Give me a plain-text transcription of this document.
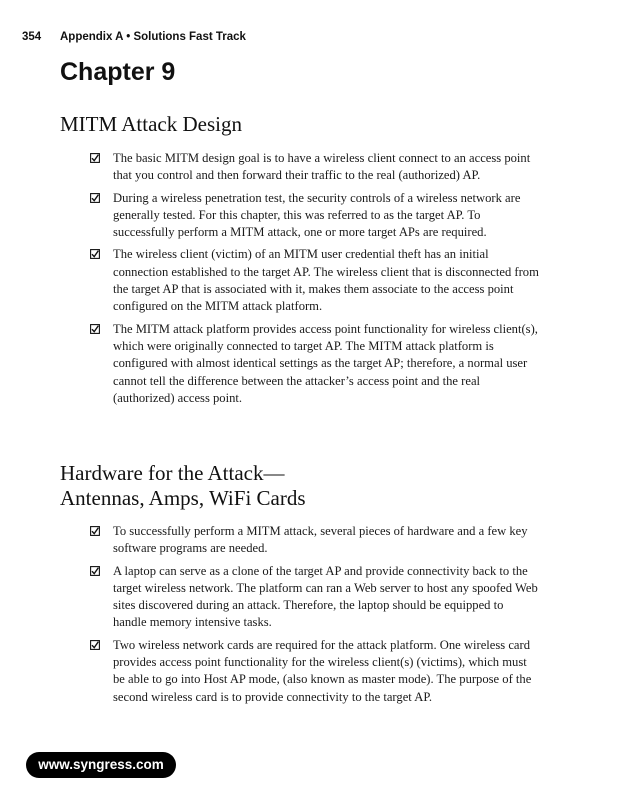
354 Appendix A • Solutions Fast Track
Chapter 9
MITM Attack Design
The basic MITM design goal is to have a wireless client connect to an access point that you control and then forward their traffic to the real (authorized) AP.
During a wireless penetration test, the security controls of a wireless network are generally tested. For this chapter, this was referred to as the target AP. To successfully perform a MITM attack, one or more target APs are required.
The wireless client (victim) of an MITM user credential theft has an initial connection established to the target AP. The wireless client that is disconnected from the target AP that is associated with it, makes them associate to the access point configured on the MITM attack platform.
The MITM attack platform provides access point functionality for wireless client(s), which were originally connected to target AP. The MITM attack platform is configured with almost identical settings as the target AP; therefore, a normal user cannot tell the difference between the attacker’s access point and the real (authorized) access point.
Hardware for the Attack—
Antennas, Amps, WiFi Cards
To successfully perform a MITM attack, several pieces of hardware and a few key software programs are needed.
A laptop can serve as a clone of the target AP and provide connectivity back to the target wireless network. The platform can ran a Web server to host any spoofed Web sites discovered during an attack. Therefore, the laptop should be equipped to handle memory intensive tasks.
Two wireless network cards are required for the attack platform. One wireless card provides access point functionality for the wireless client(s) (victims), which must be able to go into Host AP mode, (also known as master mode). The purpose of the second wireless card is to provide connectivity to the target AP.
www.syngress.com
